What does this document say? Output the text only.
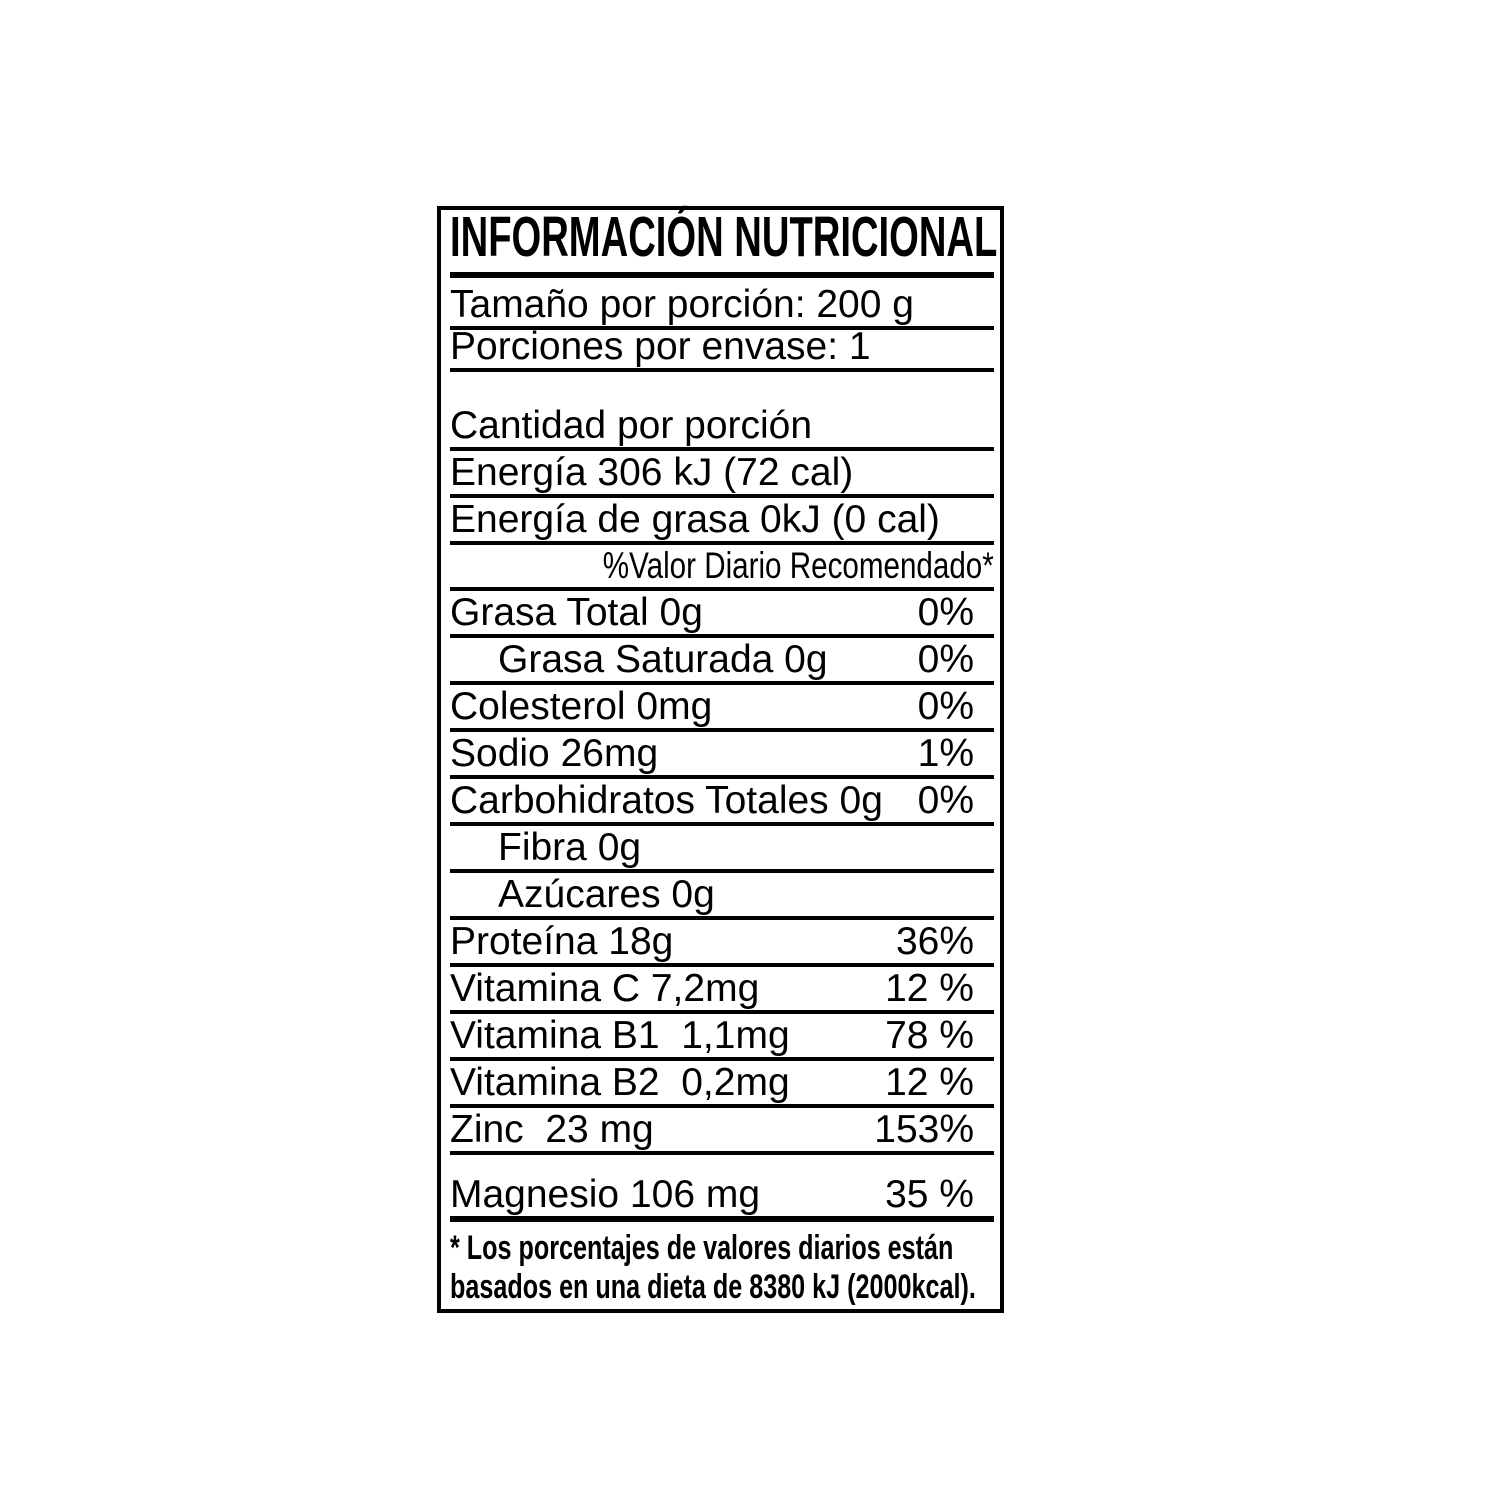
INFORMACIÓN NUTRICIONAL
Tamaño por porción: 200 g
Porciones por envase: 1
Cantidad por porción
Energía 306 kJ (72 cal)
Energía de grasa 0kJ (0 cal)
%Valor Diario Recomendado*
Grasa Total 0g	0%
Grasa Saturada 0g 0%
Colesterol 0mg	0%
Sodio 26mg	1%
Carbohidratos Totales 0g 0%
Fibra 0g
Azúcares 0g
Proteína 18g	36%
Vitamina C 7,2mg	12 %
Vitamina B1  1,1mg 78 %
Vitamina B2  0,2mg 12 %
Zinc  23 mg	153%
Magnesio 106 mg	35 %
* Los porcentajes de valores diarios están
basados en una dieta de 8380 kJ (2000kcal).
